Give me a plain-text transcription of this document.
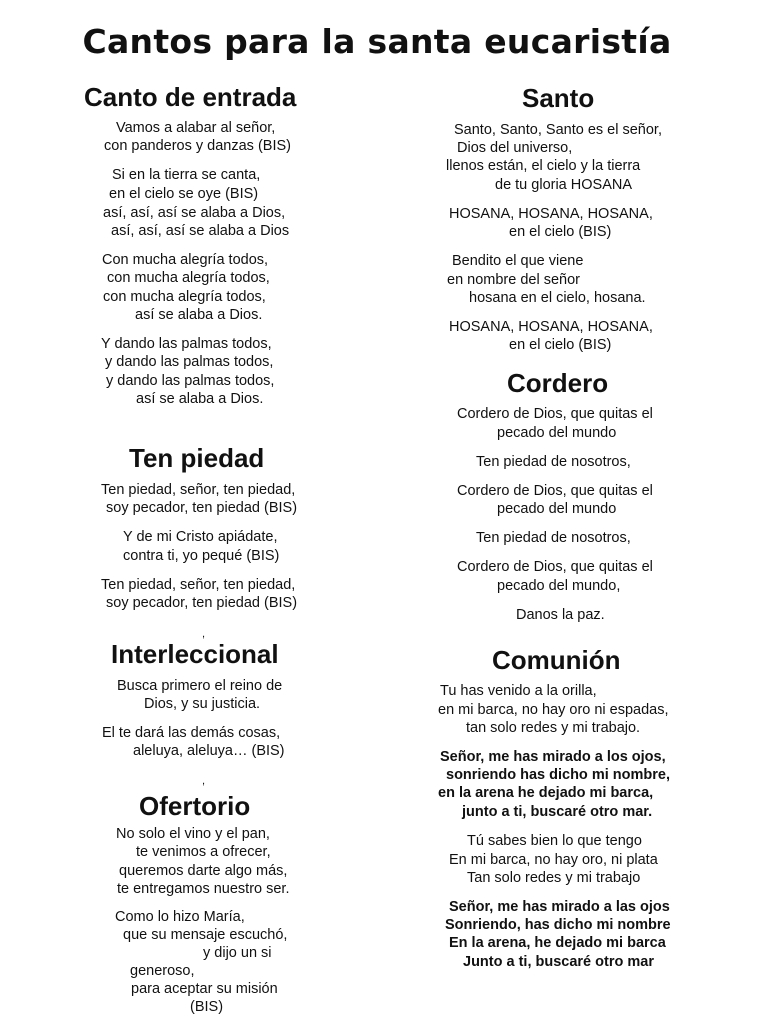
Cantos para la santa eucaristía
Canto de entrada
Vamos a alabar al señor,
con panderos y danzas (BIS)
Si en la tierra se canta,
en el cielo se oye (BIS)
así, así, así se alaba a Dios,
así, así, así se alaba a Dios
Con mucha alegría todos,
con mucha alegría todos,
con mucha alegría todos,
así se alaba a Dios.
Y dando las palmas todos,
y dando las palmas todos,
y dando las palmas todos,
así se alaba a Dios.
Ten piedad
Ten piedad, señor, ten piedad,
soy pecador, ten piedad (BIS)
Y de mi Cristo apiádate,
contra ti, yo pequé (BIS)
Ten piedad, señor, ten piedad,
soy pecador, ten piedad (BIS)
,
Interleccional
Busca primero el reino de
Dios, y su justicia.
El te dará las demás cosas,
aleluya, aleluya… (BIS)
,
Ofertorio
No solo el vino y el pan,
te venimos a ofrecer,
queremos darte algo más,
te entregamos nuestro ser.
Como lo hizo María,
que su mensaje escuchó,
y dijo un si
generoso,
para aceptar su misión
(BIS)
Santo
Santo, Santo, Santo es el señor,
Dios del universo,
llenos están, el cielo y la tierra
de tu gloria HOSANA
HOSANA, HOSANA, HOSANA,
en el cielo (BIS)
Bendito el que viene
en nombre del señor
hosana en el cielo, hosana.
HOSANA, HOSANA, HOSANA,
en el cielo (BIS)
Cordero
Cordero de Dios, que quitas el
pecado del mundo
Ten piedad de nosotros,
Cordero de Dios, que quitas el
pecado del mundo
Ten piedad de nosotros,
Cordero de Dios, que quitas el
pecado del mundo,
Danos la paz.
Comunión
Tu has venido a la orilla,
en mi barca, no hay oro ni espadas,
tan solo redes y mi trabajo.
Señor, me has mirado a los ojos,
sonriendo has dicho mi nombre,
en la arena he dejado mi barca,
junto a ti, buscaré otro mar.
Tú sabes bien lo que tengo
En mi barca, no hay oro, ni plata
Tan solo redes y mi trabajo
Señor, me has mirado a las ojos
Sonriendo, has dicho mi nombre
En la arena, he dejado mi barca
Junto a ti, buscaré otro mar
